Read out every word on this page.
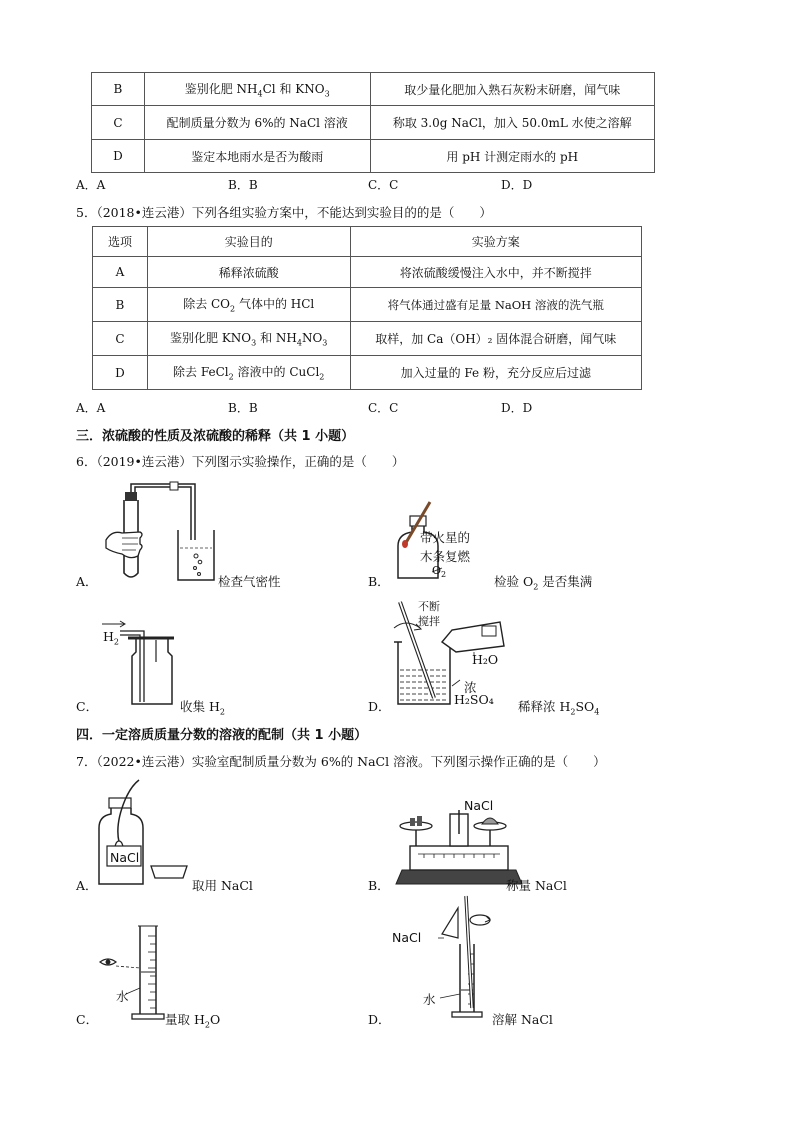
B	鉴别化肥 $NH_4Cl$ 和 $KNO_3$	取少量化肥加入熟石灰粉末研磨，闻气味
C	配制质量分数为 6%的 NaCl 溶液	称取 3.0g NaCl，加入 50.0mL 水使之溶解
D	鉴定本地雨水是否为酸雨	用 pH 计测定雨水的 pH
A．A	B．B	C．C	D．D
5．（2018•连云港）下列各组实验方案中，不能达到实验目的的是（　　）
选项	实验目的	实验方案
A	稀释浓硫酸	将浓硫酸缓慢注入水中，并不断搅拌
B	除去 $CO_2$ 气体中的 HCl	将气体通过盛有足量 NaOH 溶液的洗气瓶
C	鉴别化肥 $KNO_3$ 和 $NH_4NO_3$	取样，加 Ca（OH）₂ 固体混合研磨，闻气味
D	除去 FeCl$_2$ 溶液中的 CuCl$_2$	加入过量的 Fe 粉，充分反应后过滤
A．A	B．B	C．C	D．D
三．浓硫酸的性质及浓硫酸的稀释（共 1 小题）
6．（2019•连云港）下列图示实验操作，正确的是（　　）
A．	检查气密性
带火星的
木条复燃
$O_2$
B．	检验 $O_2$ 是否集满
$H_2$
C．	收集 $H_2$
不断
搅拌
H₂O
浓
H₂SO₄
D．	稀释浓 $H_2SO_4$
四．一定溶质质量分数的溶液的配制（共 1 小题）
7．（2022•连云港）实验室配制质量分数为 6%的 NaCl 溶液。下列图示操作正确的是（　　）
NaCl
A．	取用 NaCl
NaCl
B．	称量 NaCl
水
C．	量取 $H_2O$
NaCl
水
D．	溶解 NaCl
